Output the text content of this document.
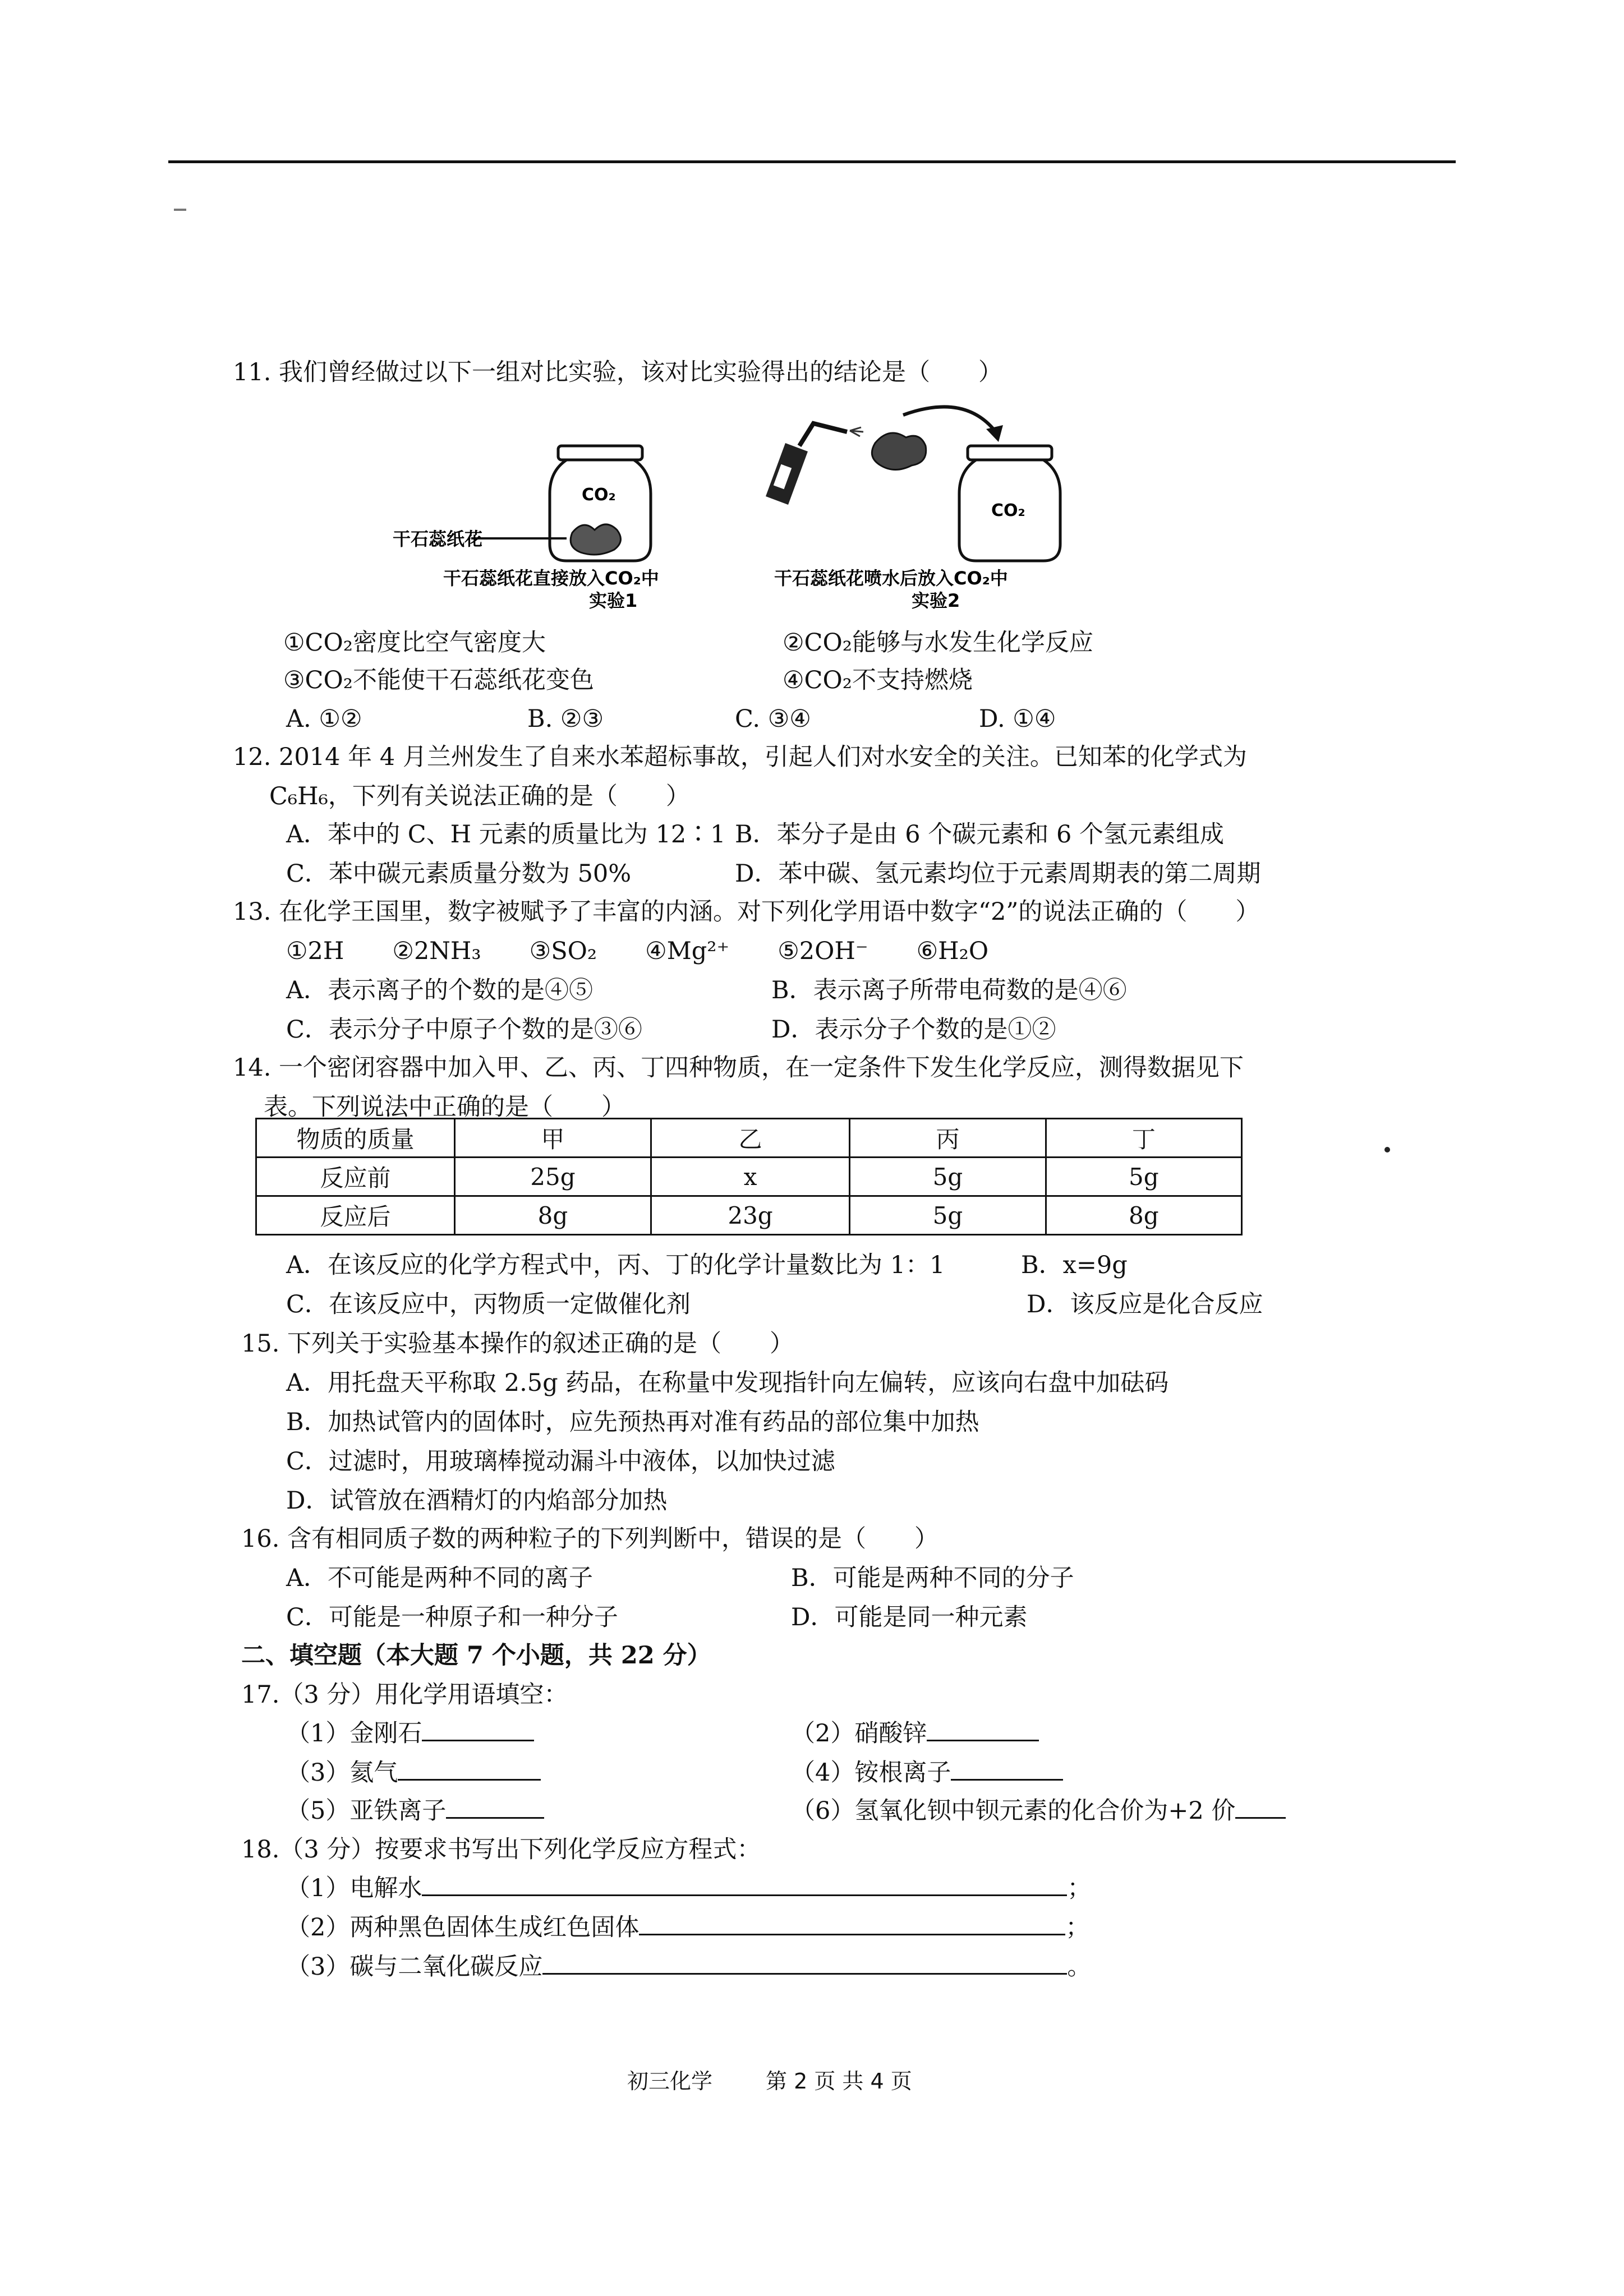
11. 我们曾经做过以下一组对比实验，该对比实验得出的结论是（　　）
CO₂
干石蕊纸花
CO₂
干石蕊纸花直接放入CO₂中
实验1
干石蕊纸花喷水后放入CO₂中
实验2
①CO₂密度比空气密度大	②CO₂能够与水发生化学反应
③CO₂不能使干石蕊纸花变色	④CO₂不支持燃烧
A. ①②	B. ②③	C. ③④	D. ①④
12. 2014 年 4 月兰州发生了自来水苯超标事故，引起人们对水安全的关注。已知苯的化学式为
C₆H₆，下列有关说法正确的是（　　）
A．苯中的 C、H 元素的质量比为 12∶1 B．苯分子是由 6 个碳元素和 6 个氢元素组成
C．苯中碳元素质量分数为 50%	D．苯中碳、氢元素均位于元素周期表的第二周期
13. 在化学王国里，数字被赋予了丰富的内涵。对下列化学用语中数字“2”的说法正确的（　　）
①2H　　②2NH₃　　③SO₂　　④Mg²⁺　　⑤2OH⁻　　⑥H₂O
A．表示离子的个数的是④⑤	B．表示离子所带电荷数的是④⑥
C．表示分子中原子个数的是③⑥	D．表示分子个数的是①②
14. 一个密闭容器中加入甲、乙、丙、丁四种物质，在一定条件下发生化学反应，测得数据见下
表。下列说法中正确的是（　　）
物质的质量	甲	乙	丙	丁
反应前	25g	x	5g	5g
反应后	8g	23g	5g	8g
A．在该反应的化学方程式中，丙、丁的化学计量数比为 1：1	B．x=9g
C．在该反应中，丙物质一定做催化剂	D．该反应是化合反应
15. 下列关于实验基本操作的叙述正确的是（　　）
A．用托盘天平称取 2.5g 药品，在称量中发现指针向左偏转，应该向右盘中加砝码
B．加热试管内的固体时，应先预热再对准有药品的部位集中加热
C．过滤时，用玻璃棒搅动漏斗中液体，以加快过滤
D．试管放在酒精灯的内焰部分加热
16. 含有相同质子数的两种粒子的下列判断中，错误的是（　　）
A．不可能是两种不同的离子	B．可能是两种不同的分子
C．可能是一种原子和一种分子	D．可能是同一种元素
二、填空题（本大题 7 个小题，共 22 分）
17.（3 分）用化学用语填空：
（1）金刚石	（2）硝酸锌
（3）氦气	（4）铵根离子
（5）亚铁离子	（6）氢氧化钡中钡元素的化合价为+2 价
18.（3 分）按要求书写出下列化学反应方程式：
（1）电解水	；
（2）两种黑色固体生成红色固体	；
（3）碳与二氧化碳反应	。
初三化学 第 2 页 共 4 页
